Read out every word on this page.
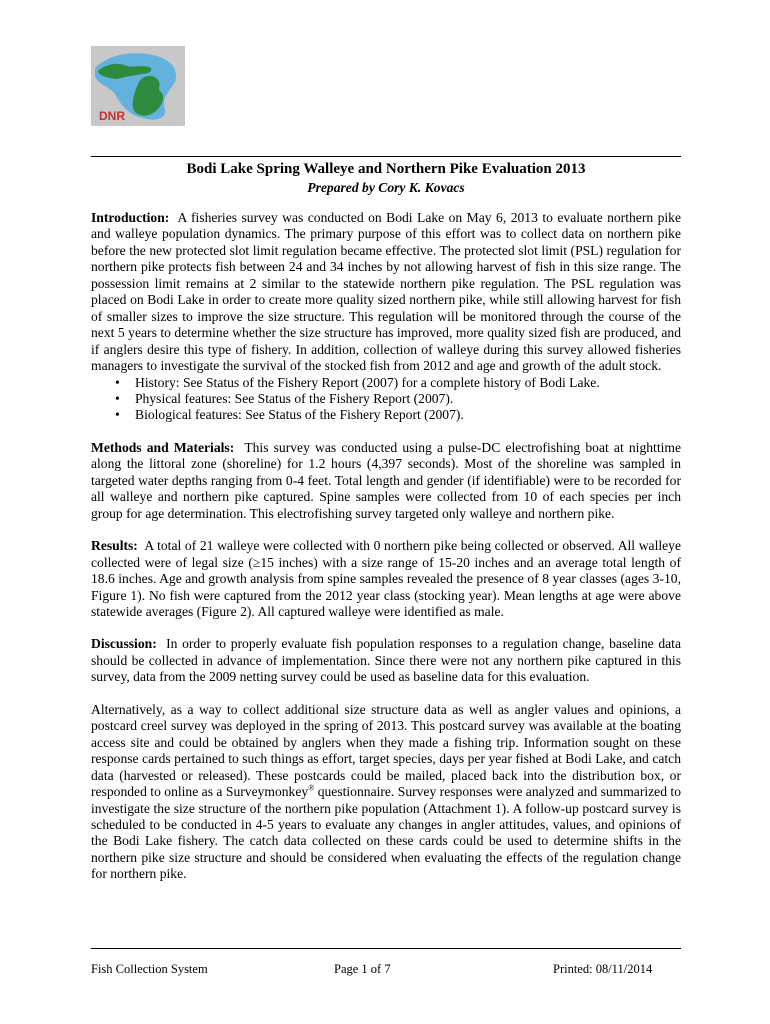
DNR
Bodi Lake Spring Walleye and Northern Pike Evaluation 2013
Prepared by Cory K. Kovacs

Introduction: A fisheries survey was conducted on Bodi Lake on May 6, 2013 to evaluate northern pike and walleye population dynamics. The primary purpose of this effort was to collect data on northern pike before the new protected slot limit regulation became effective. The protected slot limit (PSL) regulation for northern pike protects fish between 24 and 34 inches by not allowing harvest of fish in this size range. The possession limit remains at 2 similar to the statewide northern pike regulation. The PSL regulation was placed on Bodi Lake in order to create more quality sized northern pike, while still allowing harvest for fish of smaller sizes to improve the size structure. This regulation will be monitored through the course of the next 5 years to determine whether the size structure has improved, more quality sized fish are produced, and if anglers desire this type of fishery. In addition, collection of walleye during this survey allowed fisheries managers to investigate the survival of the stocked fish from 2012 and age and growth of the adult stock.

• History: See Status of the Fishery Report (2007) for a complete history of Bodi Lake.
• Physical features: See Status of the Fishery Report (2007).
• Biological features: See Status of the Fishery Report (2007).

Methods and Materials: This survey was conducted using a pulse-DC electrofishing boat at nighttime along the littoral zone (shoreline) for 1.2 hours (4,397 seconds). Most of the shoreline was sampled in targeted water depths ranging from 0-4 feet. Total length and gender (if identifiable) were to be recorded for all walleye and northern pike captured. Spine samples were collected from 10 of each species per inch group for age determination. This electrofishing survey targeted only walleye and northern pike.

Results: A total of 21 walleye were collected with 0 northern pike being collected or observed. All walleye collected were of legal size (≥15 inches) with a size range of 15-20 inches and an average total length of 18.6 inches. Age and growth analysis from spine samples revealed the presence of 8 year classes (ages 3-10, Figure 1). No fish were captured from the 2012 year class (stocking year). Mean lengths at age were above statewide averages (Figure 2). All captured walleye were identified as male.

Discussion: In order to properly evaluate fish population responses to a regulation change, baseline data should be collected in advance of implementation. Since there were not any northern pike captured in this survey, data from the 2009 netting survey could be used as baseline data for this evaluation.

Alternatively, as a way to collect additional size structure data as well as angler values and opinions, a postcard creel survey was deployed in the spring of 2013. This postcard survey was available at the boating access site and could be obtained by anglers when they made a fishing trip. Information sought on these response cards pertained to such things as effort, target species, days per year fished at Bodi Lake, and catch data (harvested or released). These postcards could be mailed, placed back into the distribution box, or responded to online as a Surveymonkey® questionnaire. Survey responses were analyzed and summarized to investigate the size structure of the northern pike population (Attachment 1). A follow-up postcard survey is scheduled to be conducted in 4-5 years to evaluate any changes in angler attitudes, values, and opinions of the Bodi Lake fishery. The catch data collected on these cards could be used to determine shifts in the northern pike size structure and should be considered when evaluating the effects of the regulation change for northern pike.

Fish Collection System	Page 1 of 7	Printed: 08/11/2014
